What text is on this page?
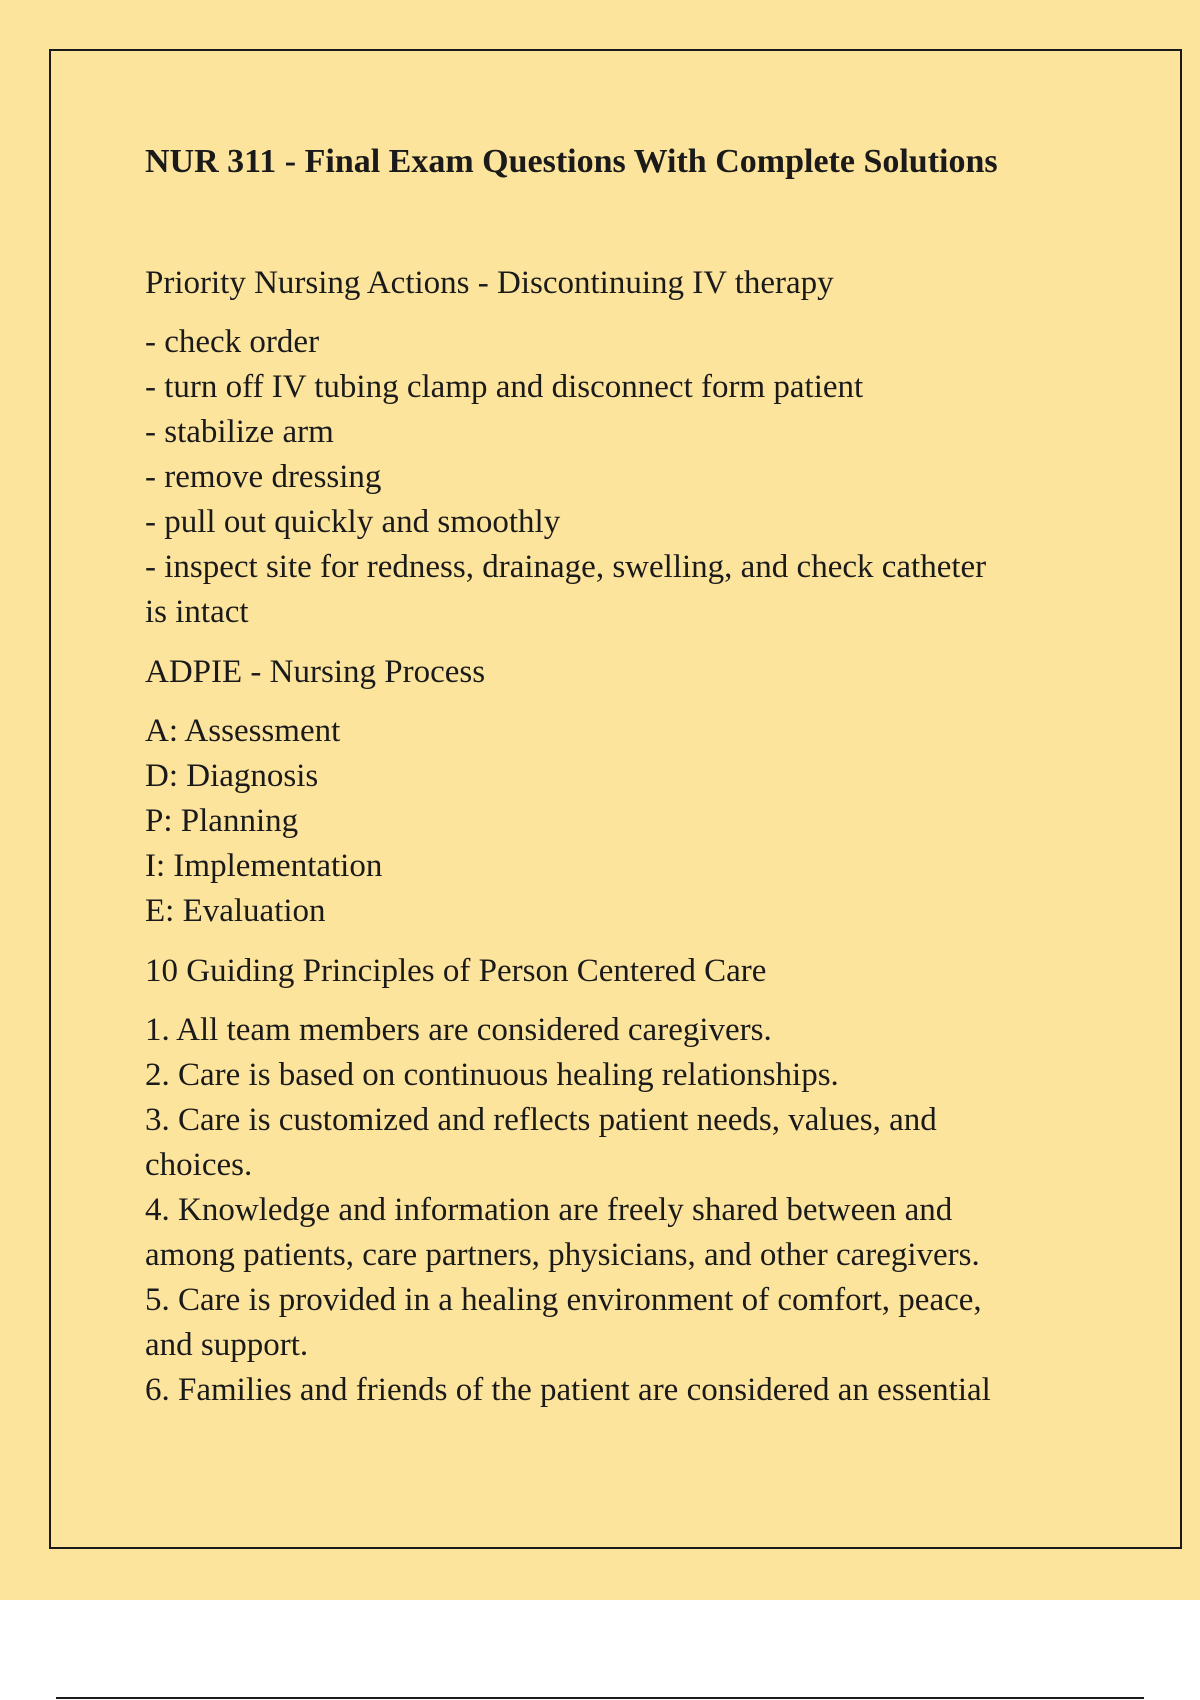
NUR 311 - Final Exam Questions With Complete Solutions
Priority Nursing Actions - Discontinuing IV therapy

- check order

- turn off IV tubing clamp and disconnect form patient

- stabilize arm

- remove dressing

- pull out quickly and smoothly

- inspect site for redness, drainage, swelling, and check catheter

is intact

ADPIE - Nursing Process

A: Assessment

D: Diagnosis

P: Planning

I: Implementation

E: Evaluation

10 Guiding Principles of Person Centered Care

1. All team members are considered caregivers.

2. Care is based on continuous healing relationships.

3. Care is customized and reflects patient needs, values, and

choices.

4. Knowledge and information are freely shared between and

among patients, care partners, physicians, and other caregivers.

5. Care is provided in a healing environment of comfort, peace,

and support.

6. Families and friends of the patient are considered an essential
